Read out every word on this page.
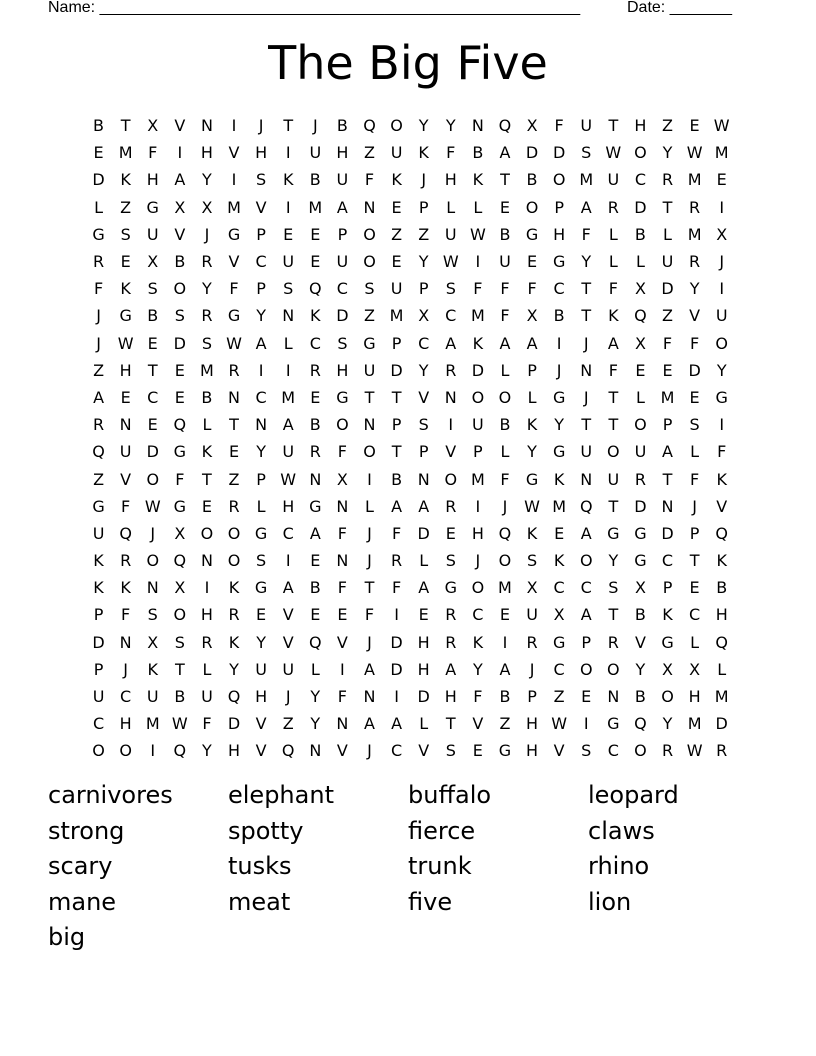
Name: ______________________________________________________	Date: _______
The Big Five
B	T	X	V N	I	J	T	J	B Q O Y	Y	N Q X	F	U	T	H Z	E W
E M F	I	H V H	I	U H Z U K	F	B	A D D S W O Y W M
D K H A	Y	I	S	K	B U	F	K	J	H K	T	B O M U C R M E
L	Z G X	X M V	I	M A N	E	P	L	L	E O P	A	R D	T	R	I
G S	U V	J	G	P	E	E	P O Z	Z U W B G H	F	L	B	L M X
R	E	X	B	R	V	C U	E	U O E	Y W	I	U	E G	Y	L	L	U R	J
F	K	S O Y	F	P	S Q C	S	U	P	S	F	F	F	C	T	F	X D	Y	I
J	G B	S	R G	Y	N K D Z M X	C M F	X	B	T	K Q Z	V U
J	W E D S W A	L	C	S G	P	C	A	K	A	A	I	J	A	X	F	F	O
Z H	T	E M R	I	I	R H U D	Y	R D	L	P	J	N	F	E	E D	Y
A	E	C	E	B N C M E G	T	T	V N O O	L	G	J	T	L M E G
R N	E Q	L	T	N A	B O N	P	S	I	U B	K	Y	T	T O P	S	I
Q U D G K	E	Y	U R	F	O T	P	V	P	L	Y	G U O U A	L	F
Z	V O	F	T	Z	P W N X	I	B N O M F	G K N U R	T	F	K
G	F W G E	R	L	H G N	L	A	A	R	I	J	W M Q T	D N	J	V
U Q	J	X O O G C	A	F	J	F	D E	H Q K	E	A G G D	P Q
K	R O Q N O S	I	E	N	J	R	L	S	J	O S	K O Y	G C	T	K
K	K N X	I	K G A	B	F	T	F	A G O M X	C C	S	X	P	E	B
P	F	S O H R	E	V	E	E	F	I	E	R C	E	U X	A	T	B	K	C H
D N X	S	R	K	Y	V Q V	J	D H R	K	I	R G	P	R	V G	L	Q
P	J	K	T	L	Y	U U	L	I	A D H A	Y	A	J	C O O Y	X	X	L
U C U B U Q H	J	Y	F	N	I	D H	F	B	P	Z	E	N B O H M
C H M W F	D V	Z	Y	N A	A	L	T	V	Z H W	I	G Q Y M D
O O	I	Q Y	H V Q N V	J	C	V	S	E G H V	S	C O R W R
carnivores	elephant	buffalo	leopard
strong	spotty	fierce	claws
scary	tusks	trunk	rhino
mane	meat	five	lion
big
